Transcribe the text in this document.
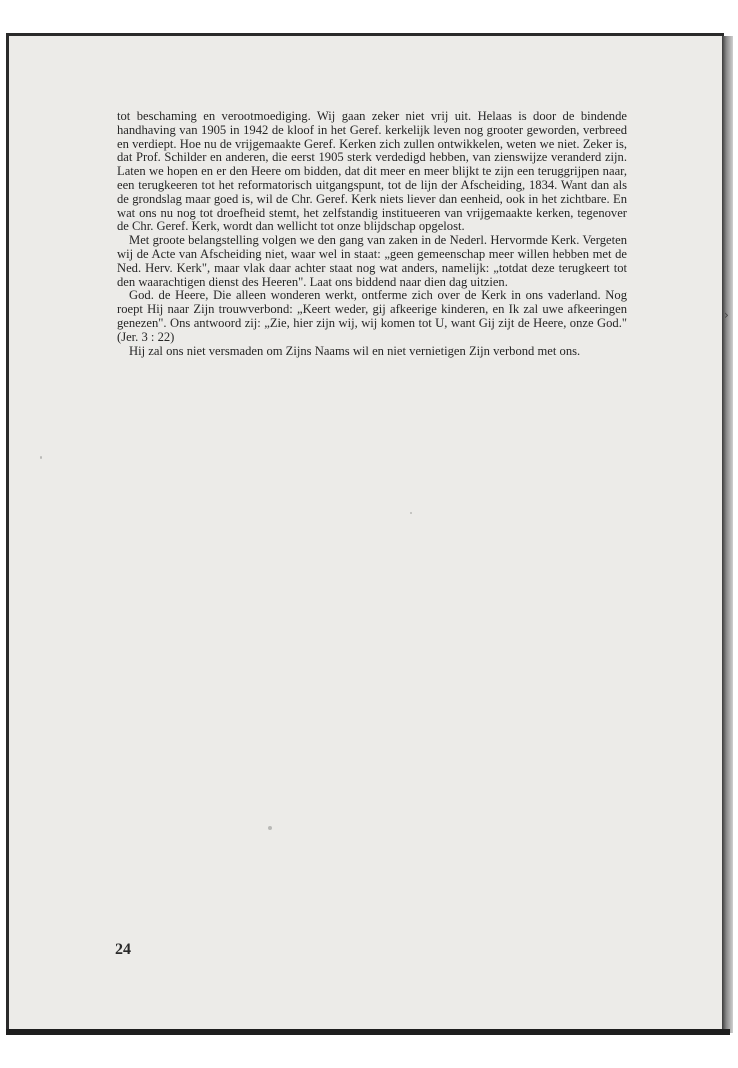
tot beschaming en verootmoediging. Wij gaan zeker niet vrij uit. Helaas is door de bindende handhaving van 1905 in 1942 de kloof in het Geref. kerkelijk leven nog grooter geworden, verbreed en verdiept. Hoe nu de vrijgemaakte Geref. Kerken zich zullen ontwikkelen, weten we niet. Zeker is, dat Prof. Schilder en anderen, die eerst 1905 sterk verdedigd hebben, van zienswijze veranderd zijn. Laten we hopen en er den Heere om bidden, dat dit meer en meer blijkt te zijn een teruggrijpen naar, een terugkeeren tot het reformatorisch uitgangspunt, tot de lijn der Afscheiding, 1834. Want dan als de grondslag maar goed is, wil de Chr. Geref. Kerk niets liever dan eenheid, ook in het zichtbare. En wat ons nu nog tot droefheid stemt, het zelfstandig institueeren van vrijgemaakte kerken, tegenover de Chr. Geref. Kerk, wordt dan wellicht tot onze blijdschap opgelost.

Met groote belangstelling volgen we den gang van zaken in de Nederl. Hervormde Kerk. Vergeten wij de Acte van Afscheiding niet, waar wel in staat: „geen gemeenschap meer willen hebben met de Ned. Herv. Kerk", maar vlak daar achter staat nog wat anders, namelijk: „totdat deze terugkeert tot den waarachtigen dienst des Heeren". Laat ons biddend naar dien dag uitzien.

God. de Heere, Die alleen wonderen werkt, ontferme zich over de Kerk in ons vaderland. Nog roept Hij naar Zijn trouwverbond: „Keert weder, gij afkeerige kinderen, en Ik zal uwe afkeeringen genezen". Ons antwoord zij: „Zie, hier zijn wij, wij komen tot U, want Gij zijt de Heere, onze God." (Jer. 3 : 22)

Hij zal ons niet versmaden om Zijns Naams wil en niet vernietigen Zijn verbond met ons.

24
›
